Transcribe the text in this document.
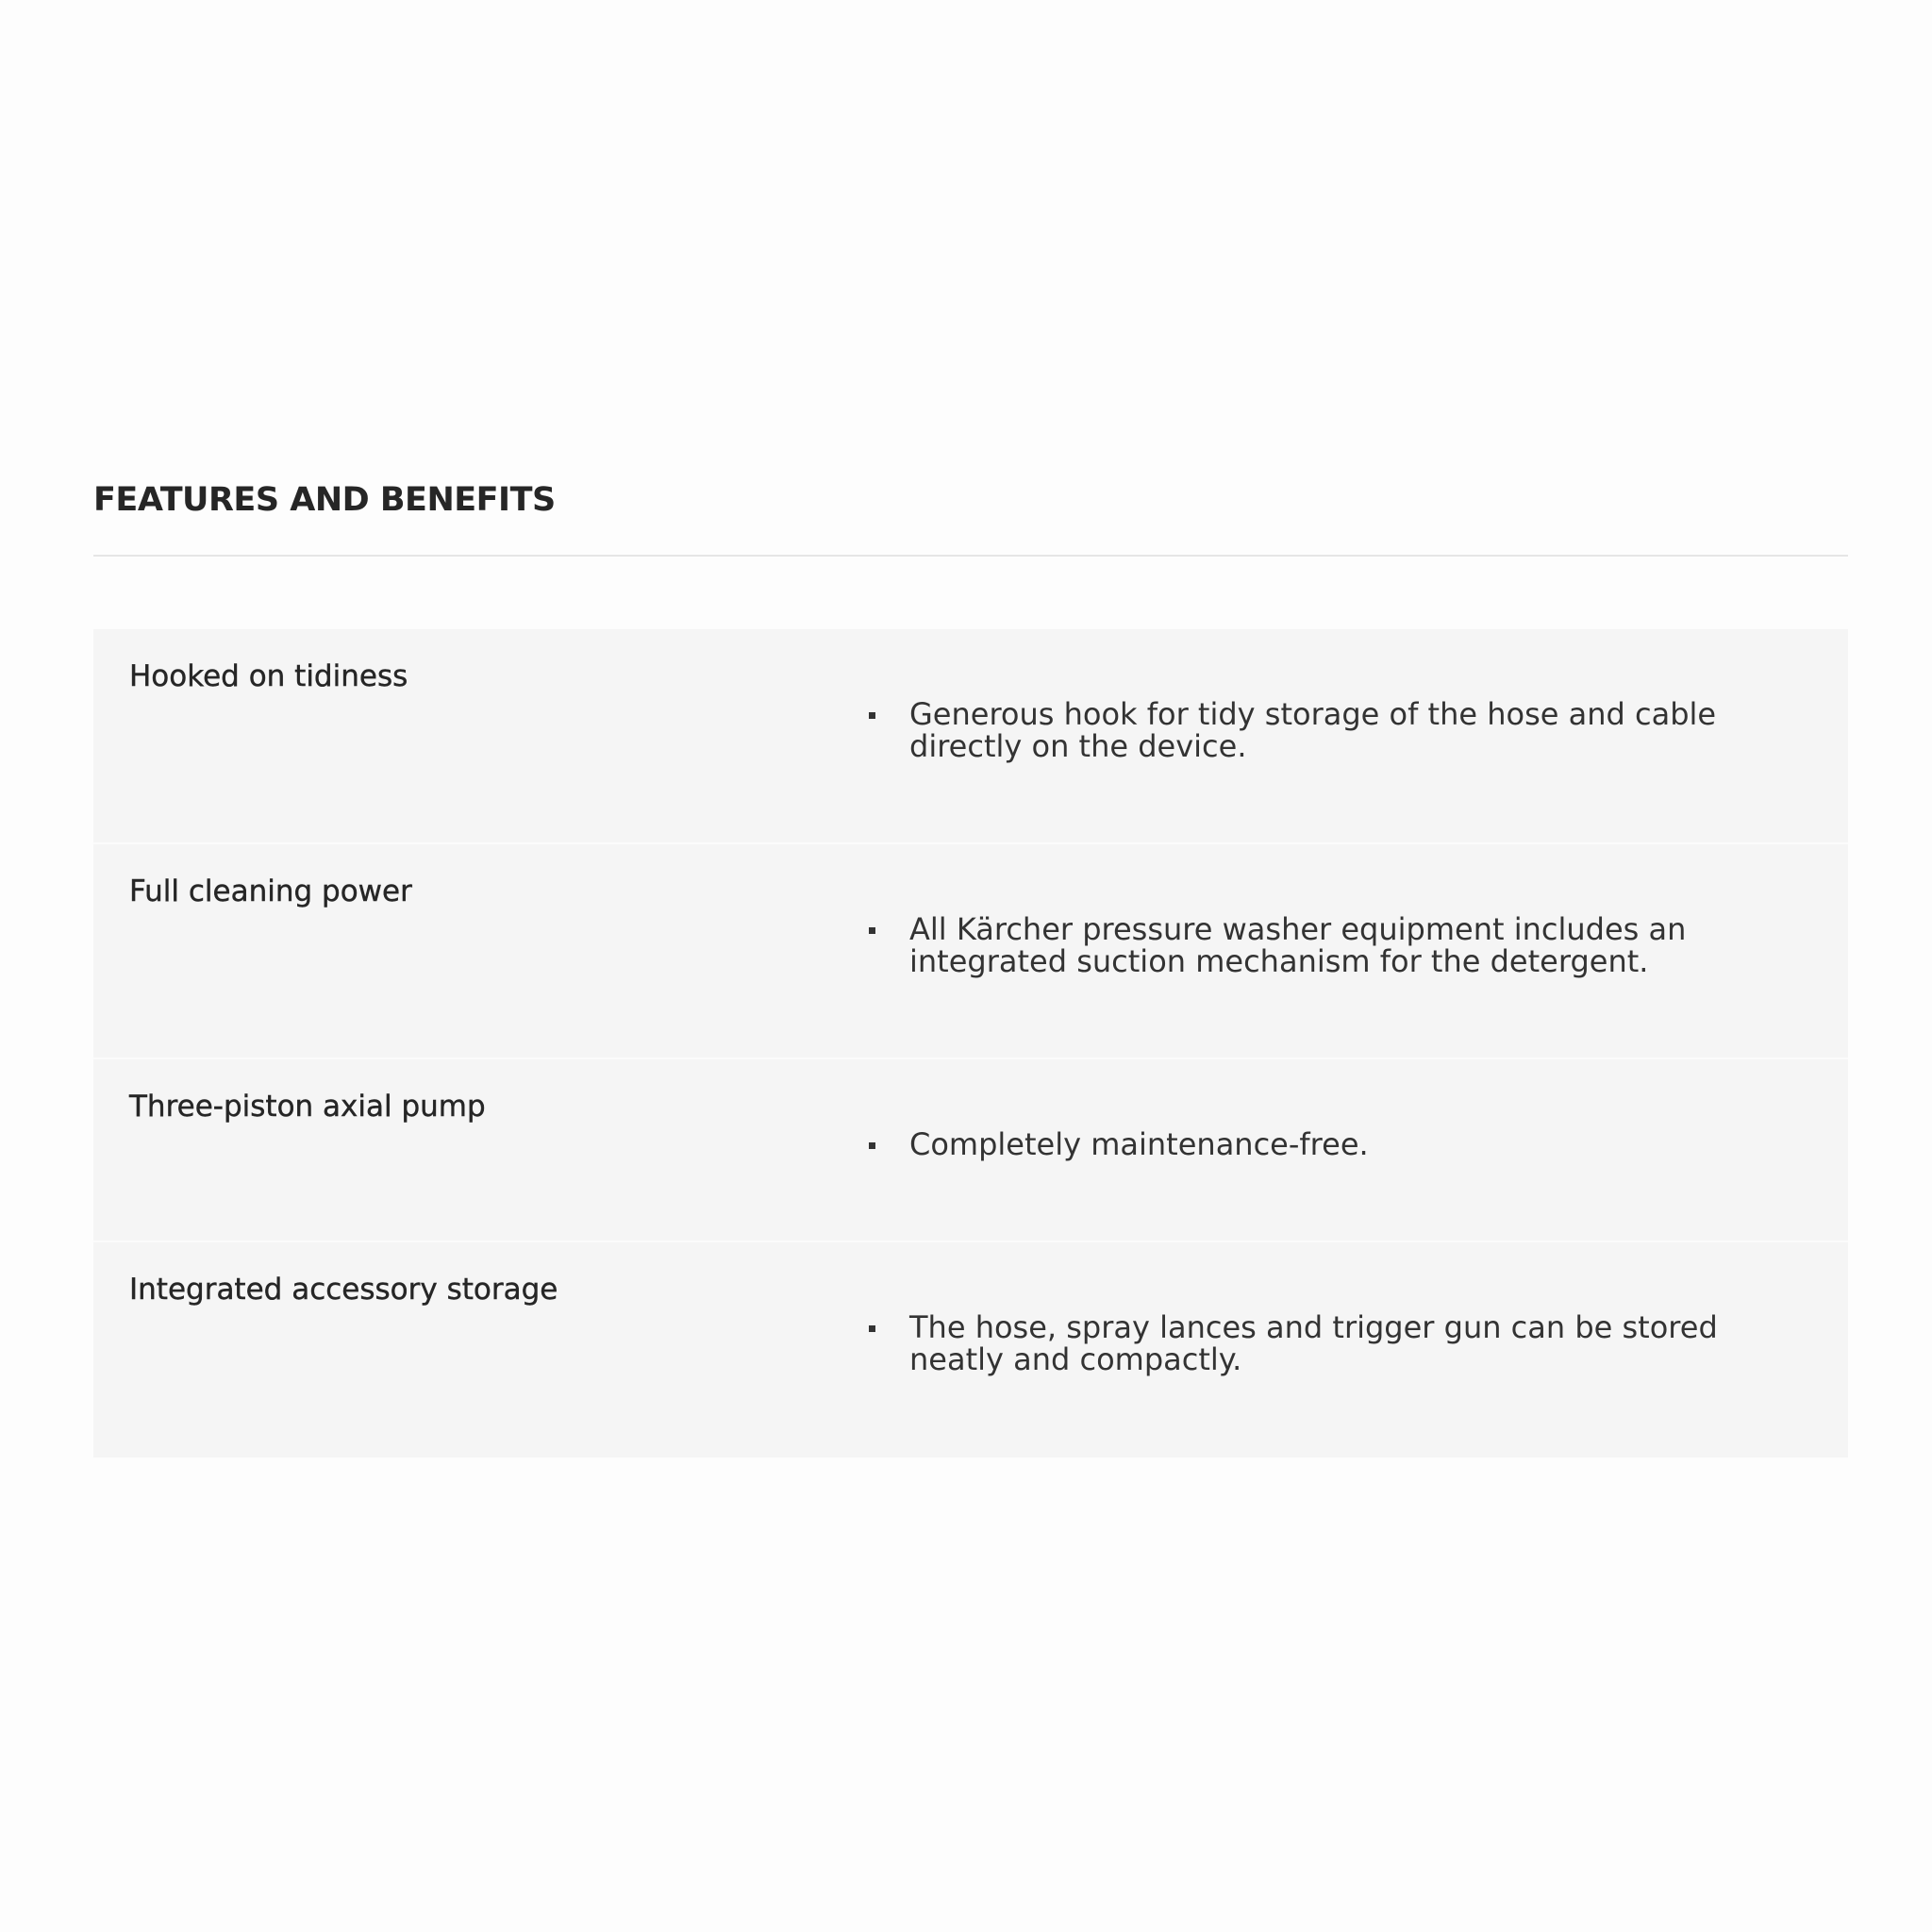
FEATURES AND BENEFITS
Hooked on tidiness
Generous hook for tidy storage of the hose and cable directly on the device.
Full cleaning power
All Kärcher pressure washer equipment includes an integrated suction mechanism for the detergent.
Three-piston axial pump
Completely maintenance-free.
Integrated accessory storage
The hose, spray lances and trigger gun can be stored neatly and compactly.
